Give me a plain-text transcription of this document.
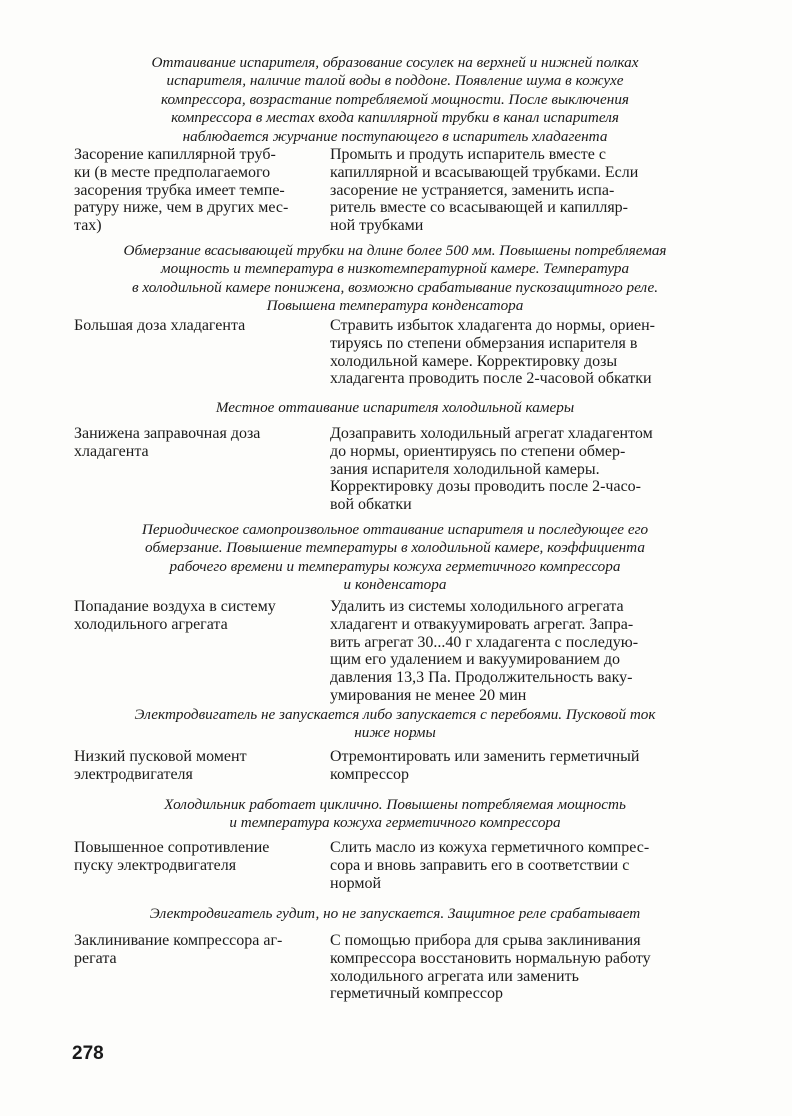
Оттаивание испарителя, образование сосулек на верхней и нижней полках
испарителя, наличие талой воды в поддоне. Появление шума в кожухе
компрессора, возрастание потребляемой мощности. После выключения
компрессора в местах входа капиллярной трубки в канал испарителя
наблюдается журчание поступающего в испаритель хладагента
Засорение капиллярной труб-
ки (в месте предполагаемого
засорения трубка имеет темпе-
ратуру ниже, чем в других мес-
тах)
Промыть и продуть испаритель вместе с
капиллярной и всасывающей трубками. Если
засорение не устраняется, заменить испа-
ритель вместе со всасывающей и капилляр-
ной трубками
Обмерзание всасывающей трубки на длине более 500 мм. Повышены потребляемая
мощность и температура в низкотемпературной камере. Температура
в холодильной камере понижена, возможно срабатывание пускозащитного реле.
Повышена температура конденсатора
Большая доза хладагента	Стравить избыток хладагента до нормы, ориен-
тируясь по степени обмерзания испарителя в
холодильной камере. Корректировку дозы
хладагента проводить после 2-часовой обкатки
Местное оттаивание испарителя холодильной камеры
Занижена заправочная доза
хладагента
Дозаправить холодильный агрегат хладагентом
до нормы, ориентируясь по степени обмер-
зания испарителя холодильной камеры.
Корректировку дозы проводить после 2-часо-
вой обкатки
Периодическое самопроизвольное оттаивание испарителя и последующее его
обмерзание. Повышение температуры в холодильной камере, коэффициента
рабочего времени и температуры кожуха герметичного компрессора
и конденсатора
Попадание воздуха в систему
холодильного агрегата
Удалить из системы холодильного агрегата
хладагент и отвакуумировать агрегат. Запра-
вить агрегат 30...40 г хладагента с последую-
щим его удалением и вакуумированием до
давления 13,3 Па. Продолжительность ваку-
умирования не менее 20 мин
Электродвигатель не запускается либо запускается с перебоями. Пусковой ток
ниже нормы
Низкий пусковой момент
электродвигателя
Отремонтировать или заменить герметичный
компрессор
Холодильник работает циклично. Повышены потребляемая мощность
и температура кожуха герметичного компрессора
Повышенное сопротивление
пуску электродвигателя
Слить масло из кожуха герметичного компрес-
сора и вновь заправить его в соответствии с
нормой
Электродвигатель гудит, но не запускается. Защитное реле срабатывает
Заклинивание компрессора аг-
регата
С помощью прибора для срыва заклинивания
компрессора восстановить нормальную работу
холодильного агрегата или заменить
герметичный компрессор
278
